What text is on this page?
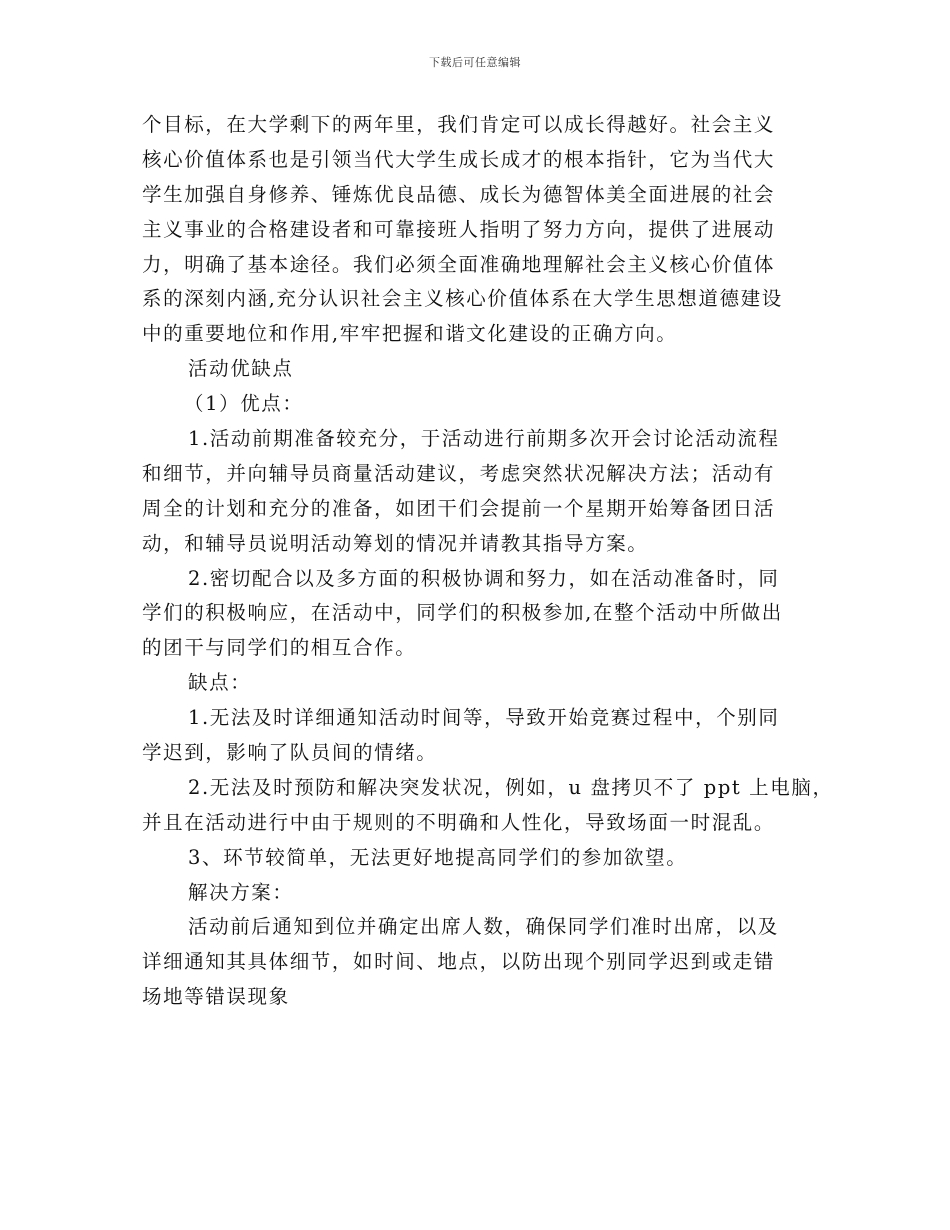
下载后可任意编辑
个目标，在大学剩下的两年里，我们肯定可以成长得越好。社会主义
核心价值体系也是引领当代大学生成长成才的根本指针，它为当代大
学生加强自身修养、锤炼优良品德、成长为德智体美全面进展的社会
主义事业的合格建设者和可靠接班人指明了努力方向，提供了进展动
力，明确了基本途径。我们必须全面准确地理解社会主义核心价值体
系的深刻内涵,充分认识社会主义核心价值体系在大学生思想道德建设
中的重要地位和作用,牢牢把握和谐文化建设的正确方向。
活动优缺点
（1）优点：
1.活动前期准备较充分，于活动进行前期多次开会讨论活动流程
和细节，并向辅导员商量活动建议，考虑突然状况解决方法；活动有
周全的计划和充分的准备，如团干们会提前一个星期开始筹备团日活
动，和辅导员说明活动筹划的情况并请教其指导方案。
2.密切配合以及多方面的积极协调和努力，如在活动准备时，同
学们的积极响应，在活动中，同学们的积极参加,在整个活动中所做出
的团干与同学们的相互合作。
缺点：
1.无法及时详细通知活动时间等，导致开始竞赛过程中，个别同
学迟到，影响了队员间的情绪。
2.无法及时预防和解决突发状况，例如，u 盘拷贝不了 ppt 上电脑，
并且在活动进行中由于规则的不明确和人性化，导致场面一时混乱。
3、环节较简单，无法更好地提高同学们的参加欲望。
解决方案：
活动前后通知到位并确定出席人数，确保同学们准时出席，以及
详细通知其具体细节，如时间、地点，以防出现个别同学迟到或走错
场地等错误现象
